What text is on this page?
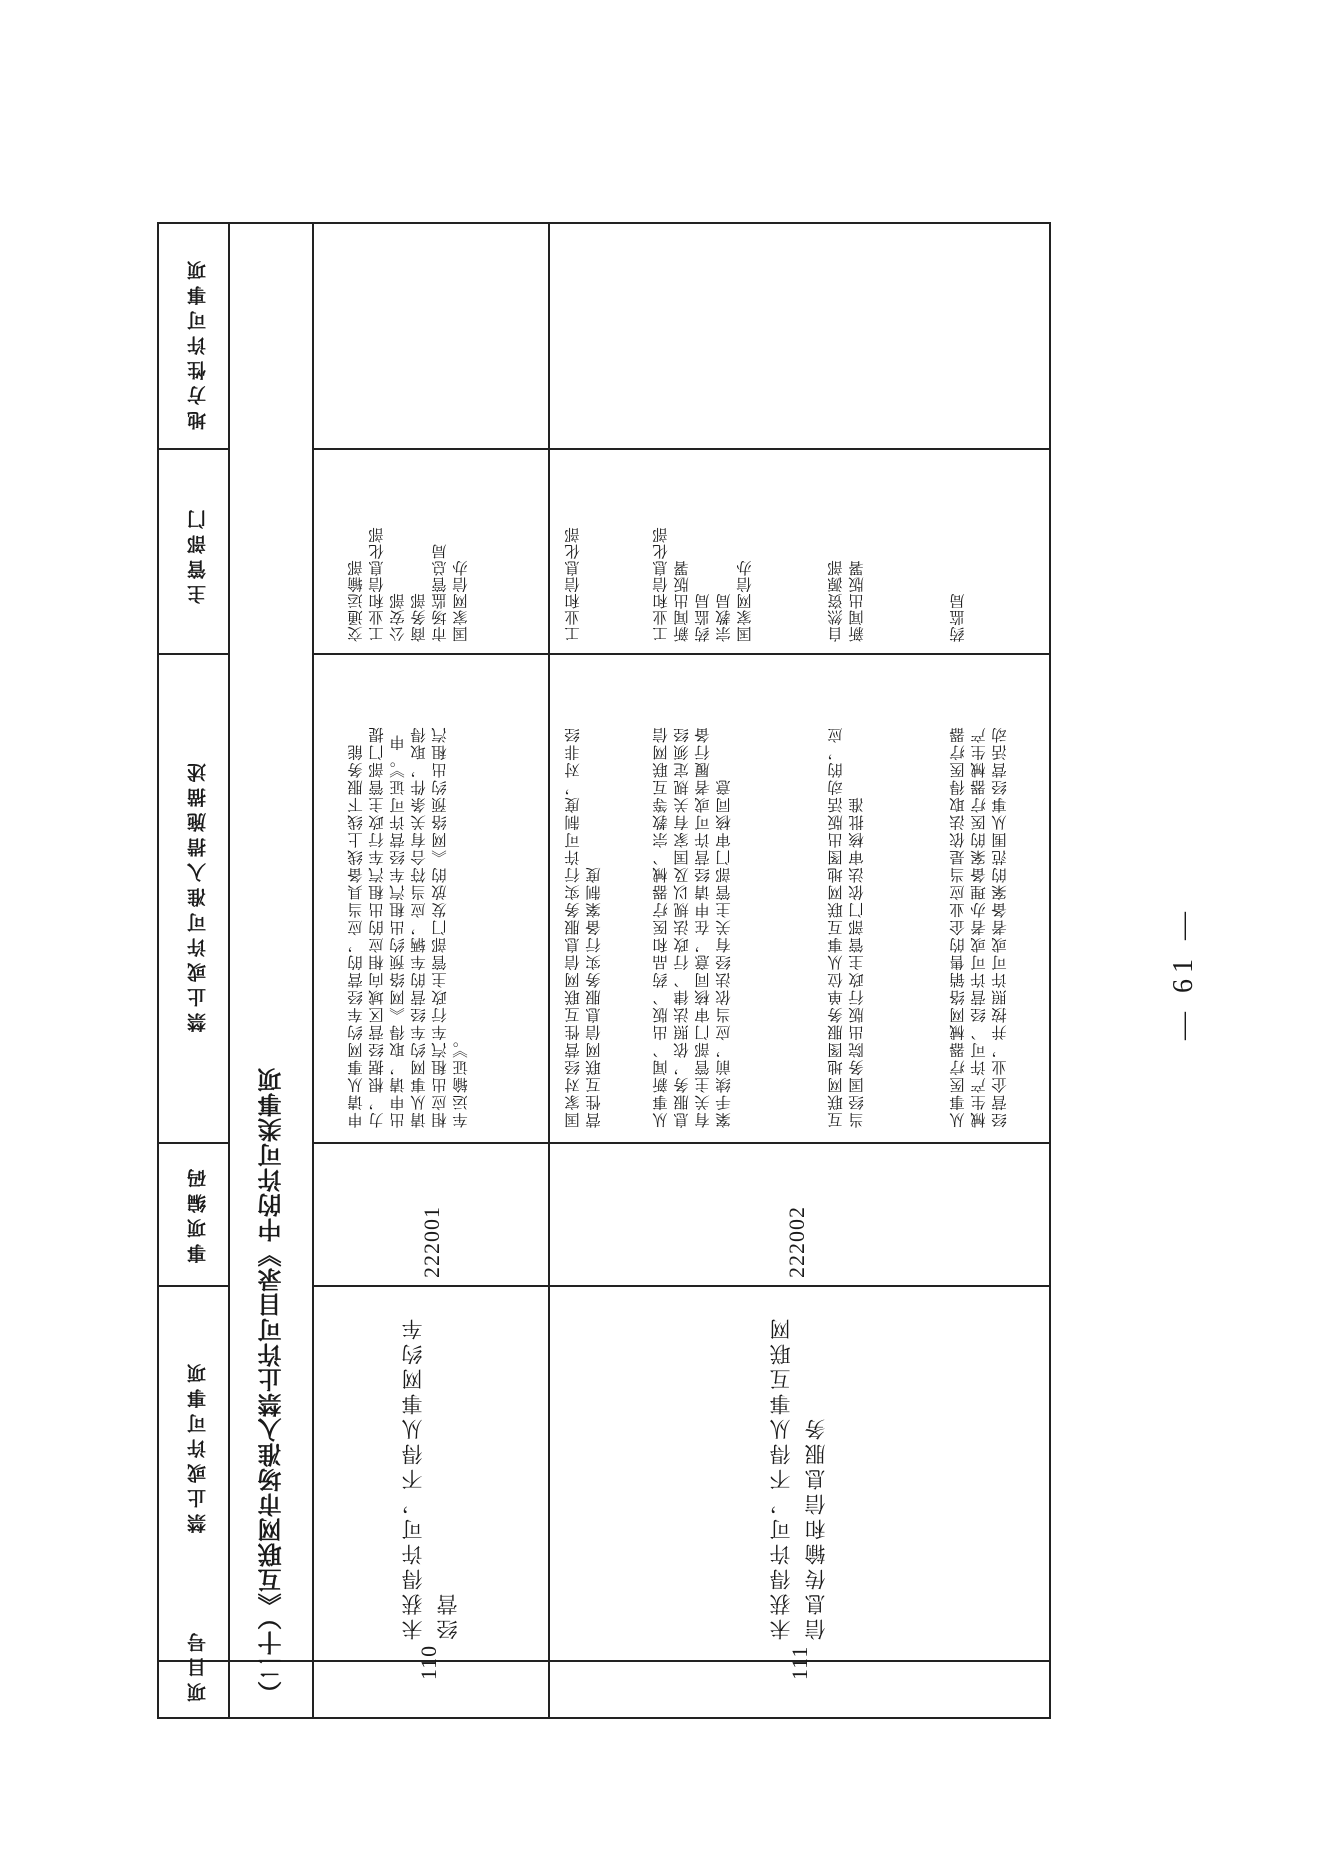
项目号
禁止或许可事项
事项编码
禁止或许可准入措施描述
主管部门
地方性许可事项
（二十）《互联网市场准入禁止许可目录》中的许可类事项	110
未获得许可，不得从事网约车经营
222001
111
未获得许可，不得从事互联网信息传输和信息服务
222002
— 61 —
申请从事网约车经营的，应当具备线上线下服务能 力，根据经营区域向相应的出租汽车行政主管部门提 出申请，取得《网络预约出租汽车经营许可证》。申 请从事网约车经营的车辆，应当符合有关条件，取得 相应出租汽车行政主管部门发放的《网络预约出租汽 车运输证》。
交通运输部 工业和信息化部 公安部 商务部 市场监管总局 国家网信办
国家对经营性互联网信息服务实行许可制度，对非经 营性互联网信息服务实行备案制度
工业和信息化部
从事新闻、出版、药品和医疗器械、宗教等互联网信 息服务，依照法律、行政法规以及国家有关规定须经 有关主管部门审核同意，在申请经营许可或者履行备 案手续前，应当依法经有关主管部门审核同意
工业和信息化部 新闻出版署 药监局 宗教局 国家网信办
互联网地图服务单位从事互联网地图出版活动的，应 当经国务院出版行政主管部门依法审核批准
自然资源部 新闻出版署
从事医疗器械网络销售的企业应当是依法取得医疗器 械生产许可、经营许可或者办理备案的医疗器械生产 经营企业，并按照许可或者备案的范围从事经营活动
药监局
